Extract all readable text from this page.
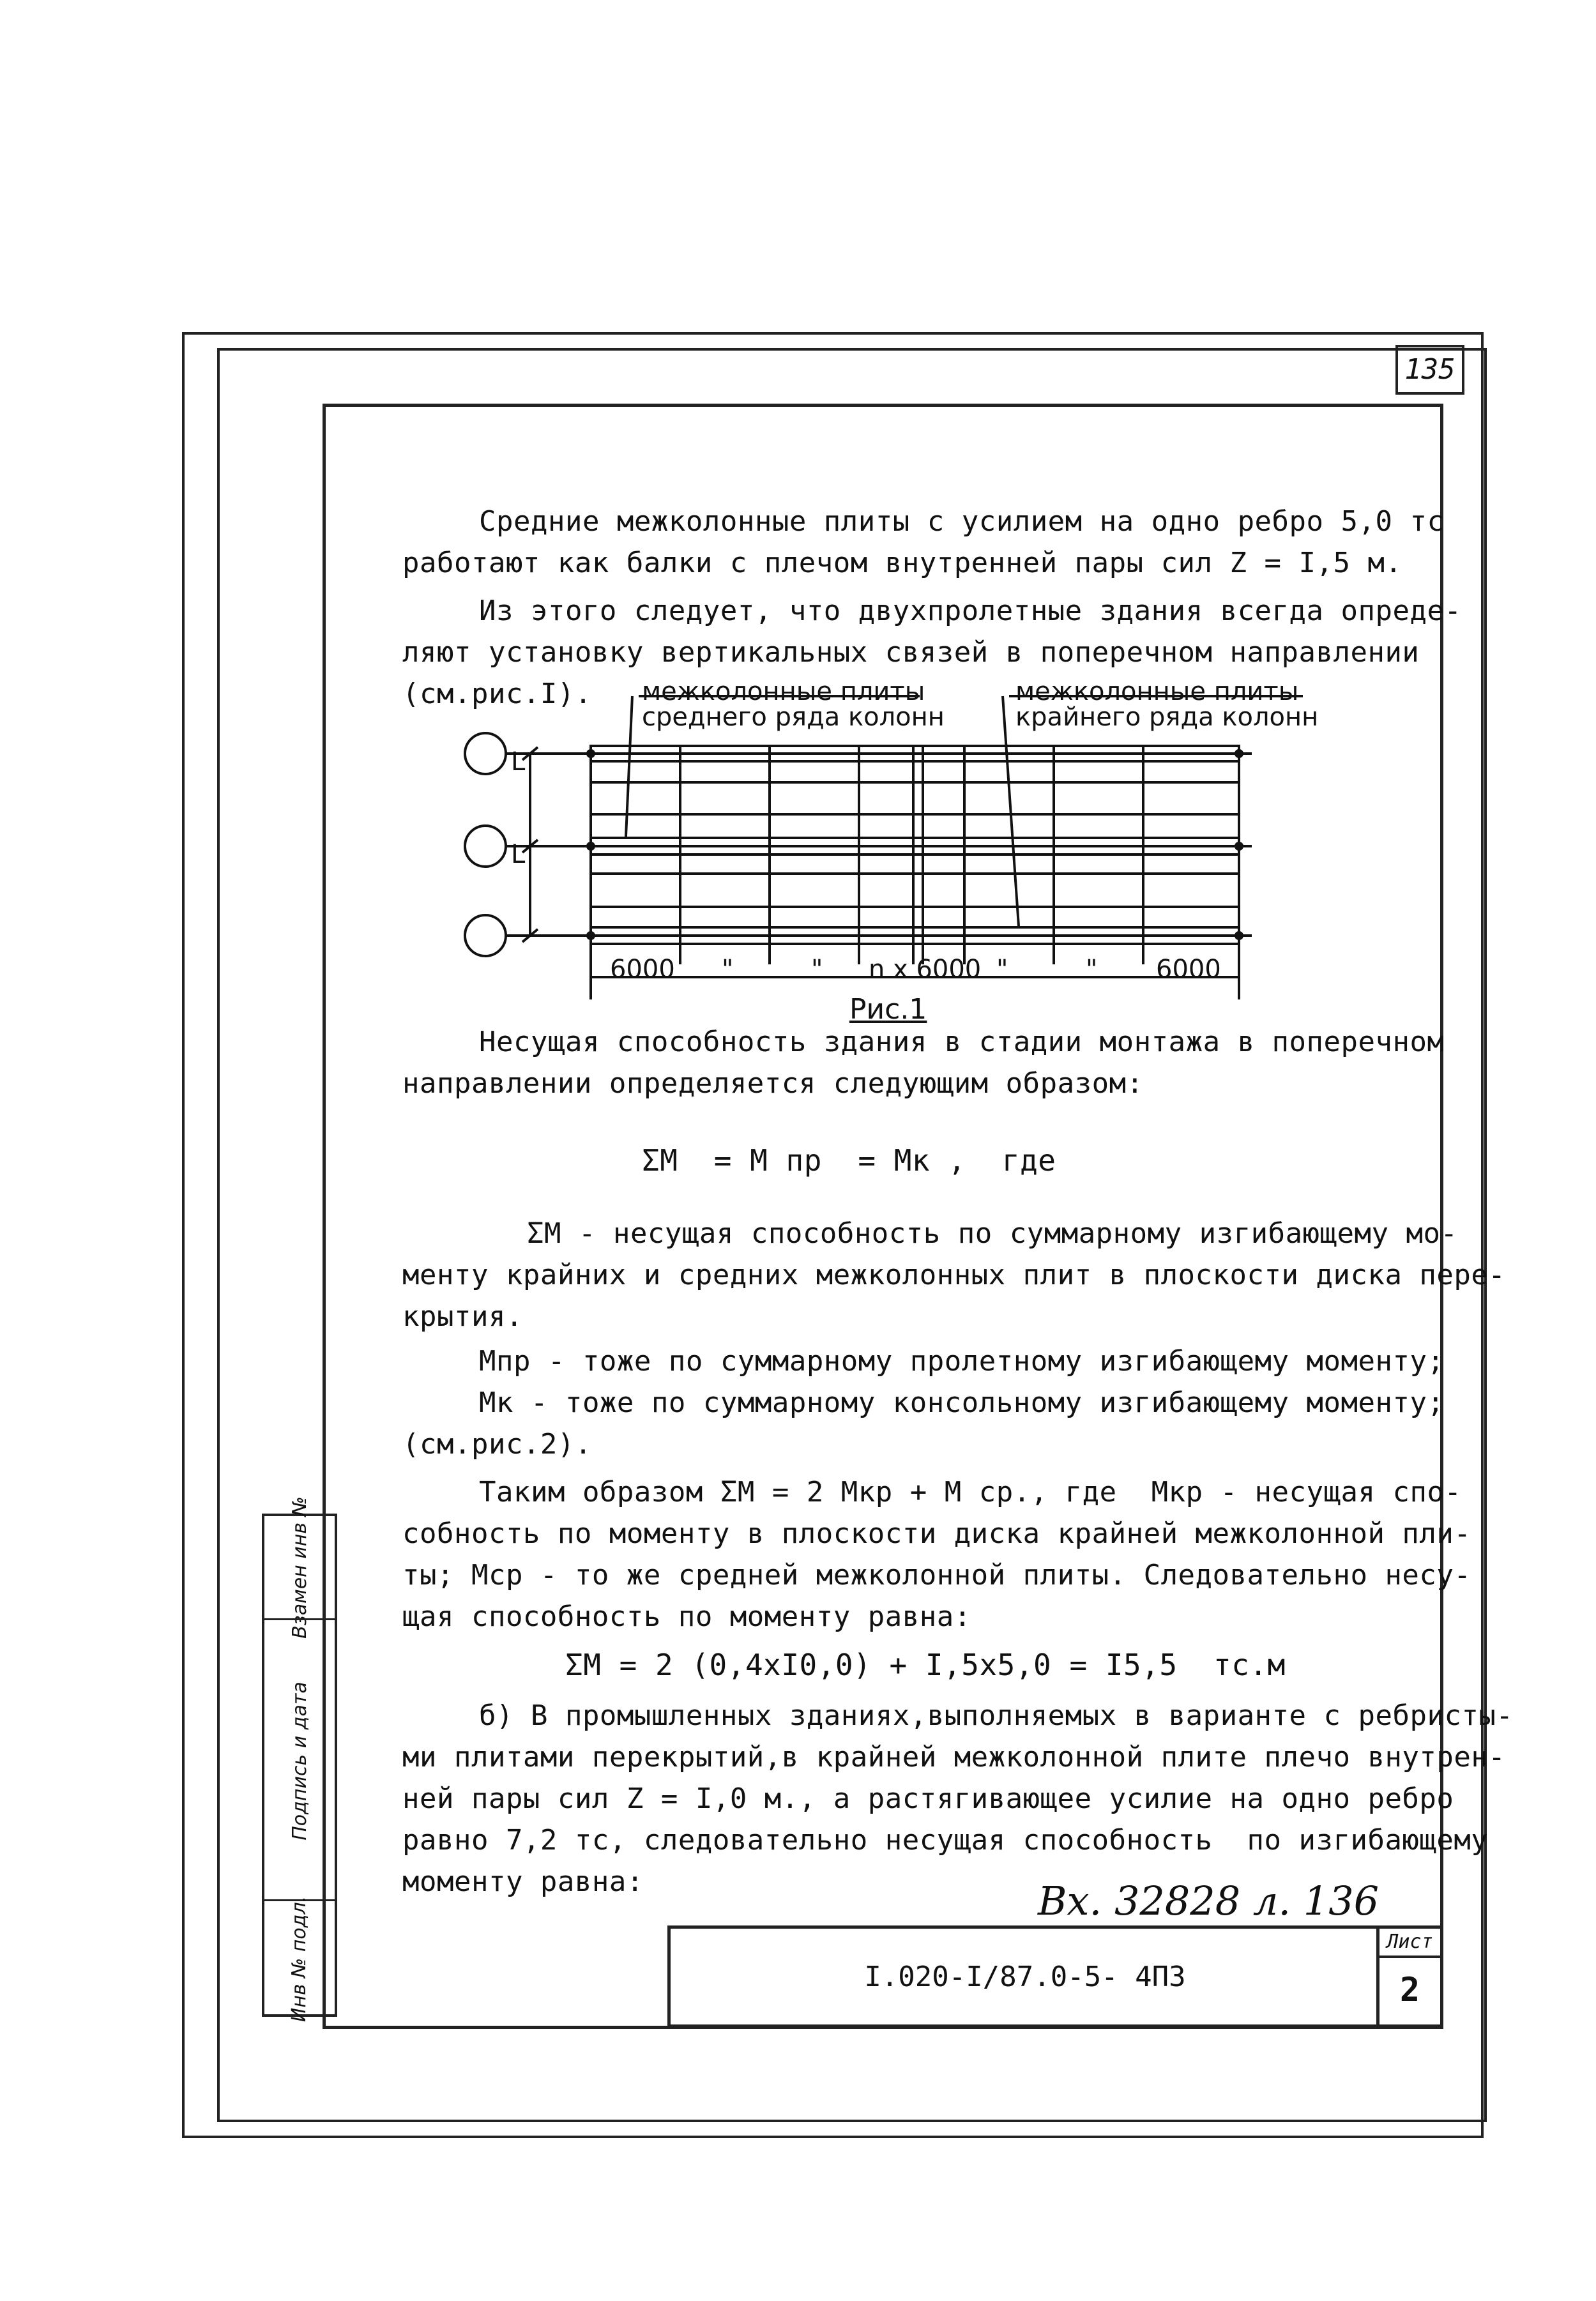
135
Средние межколонные плиты с усилием на одно ребро 5,0 тс
работают как балки с плечом внутренней пары сил Z = I,5 м.
Из этого следует, что двухпролетные здания всегда опреде-
ляют установку вертикальных связей в поперечном направлении
(см.рис.I). межколонные плиты
среднего ряда колонн
межколонные плиты
крайнего ряда колонн
L
L
6000 "	" n x 6000 "	" 6000
Рис.1
Несущая способность здания в стадии монтажа в поперечном
направлении определяется следующим образом:
ΣМ  = М пр  = Мк ,  где
ΣМ - несущая способность по суммарному изгибающему мо-
менту крайних и средних межколонных плит в плоскости диска пере-
крытия.
Мпр - тоже по суммарному пролетному изгибающему моменту;
Мк - тоже по суммарному консольному изгибающему моменту;
(см.рис.2).
Таким образом ΣМ = 2 Мкр + М ср., где  Мкр - несущая спо-
собность по моменту в плоскости диска крайней межколонной пли-
ты; Мср - то же средней межколонной плиты. Следовательно несу-
щая способность по моменту равна:
ΣМ = 2 (0,4xI0,0) + I,5x5,0 = I5,5  тс.м
б) В промышленных зданиях,выполняемых в варианте с ребристы-
ми плитами перекрытий,в крайней межколонной плите плечо внутрен-
ней пары сил Z = I,0 м., а растягивающее усилие на одно ребро
равно 7,2 тс, следовательно несущая способность  по изгибающему
моменту равна:	Вх. 32828 л. 136
Взамен инв №
Подпись и дата
Инв № подл.	I.020-I/87.0-5- 4ПЗ
Лист
2
